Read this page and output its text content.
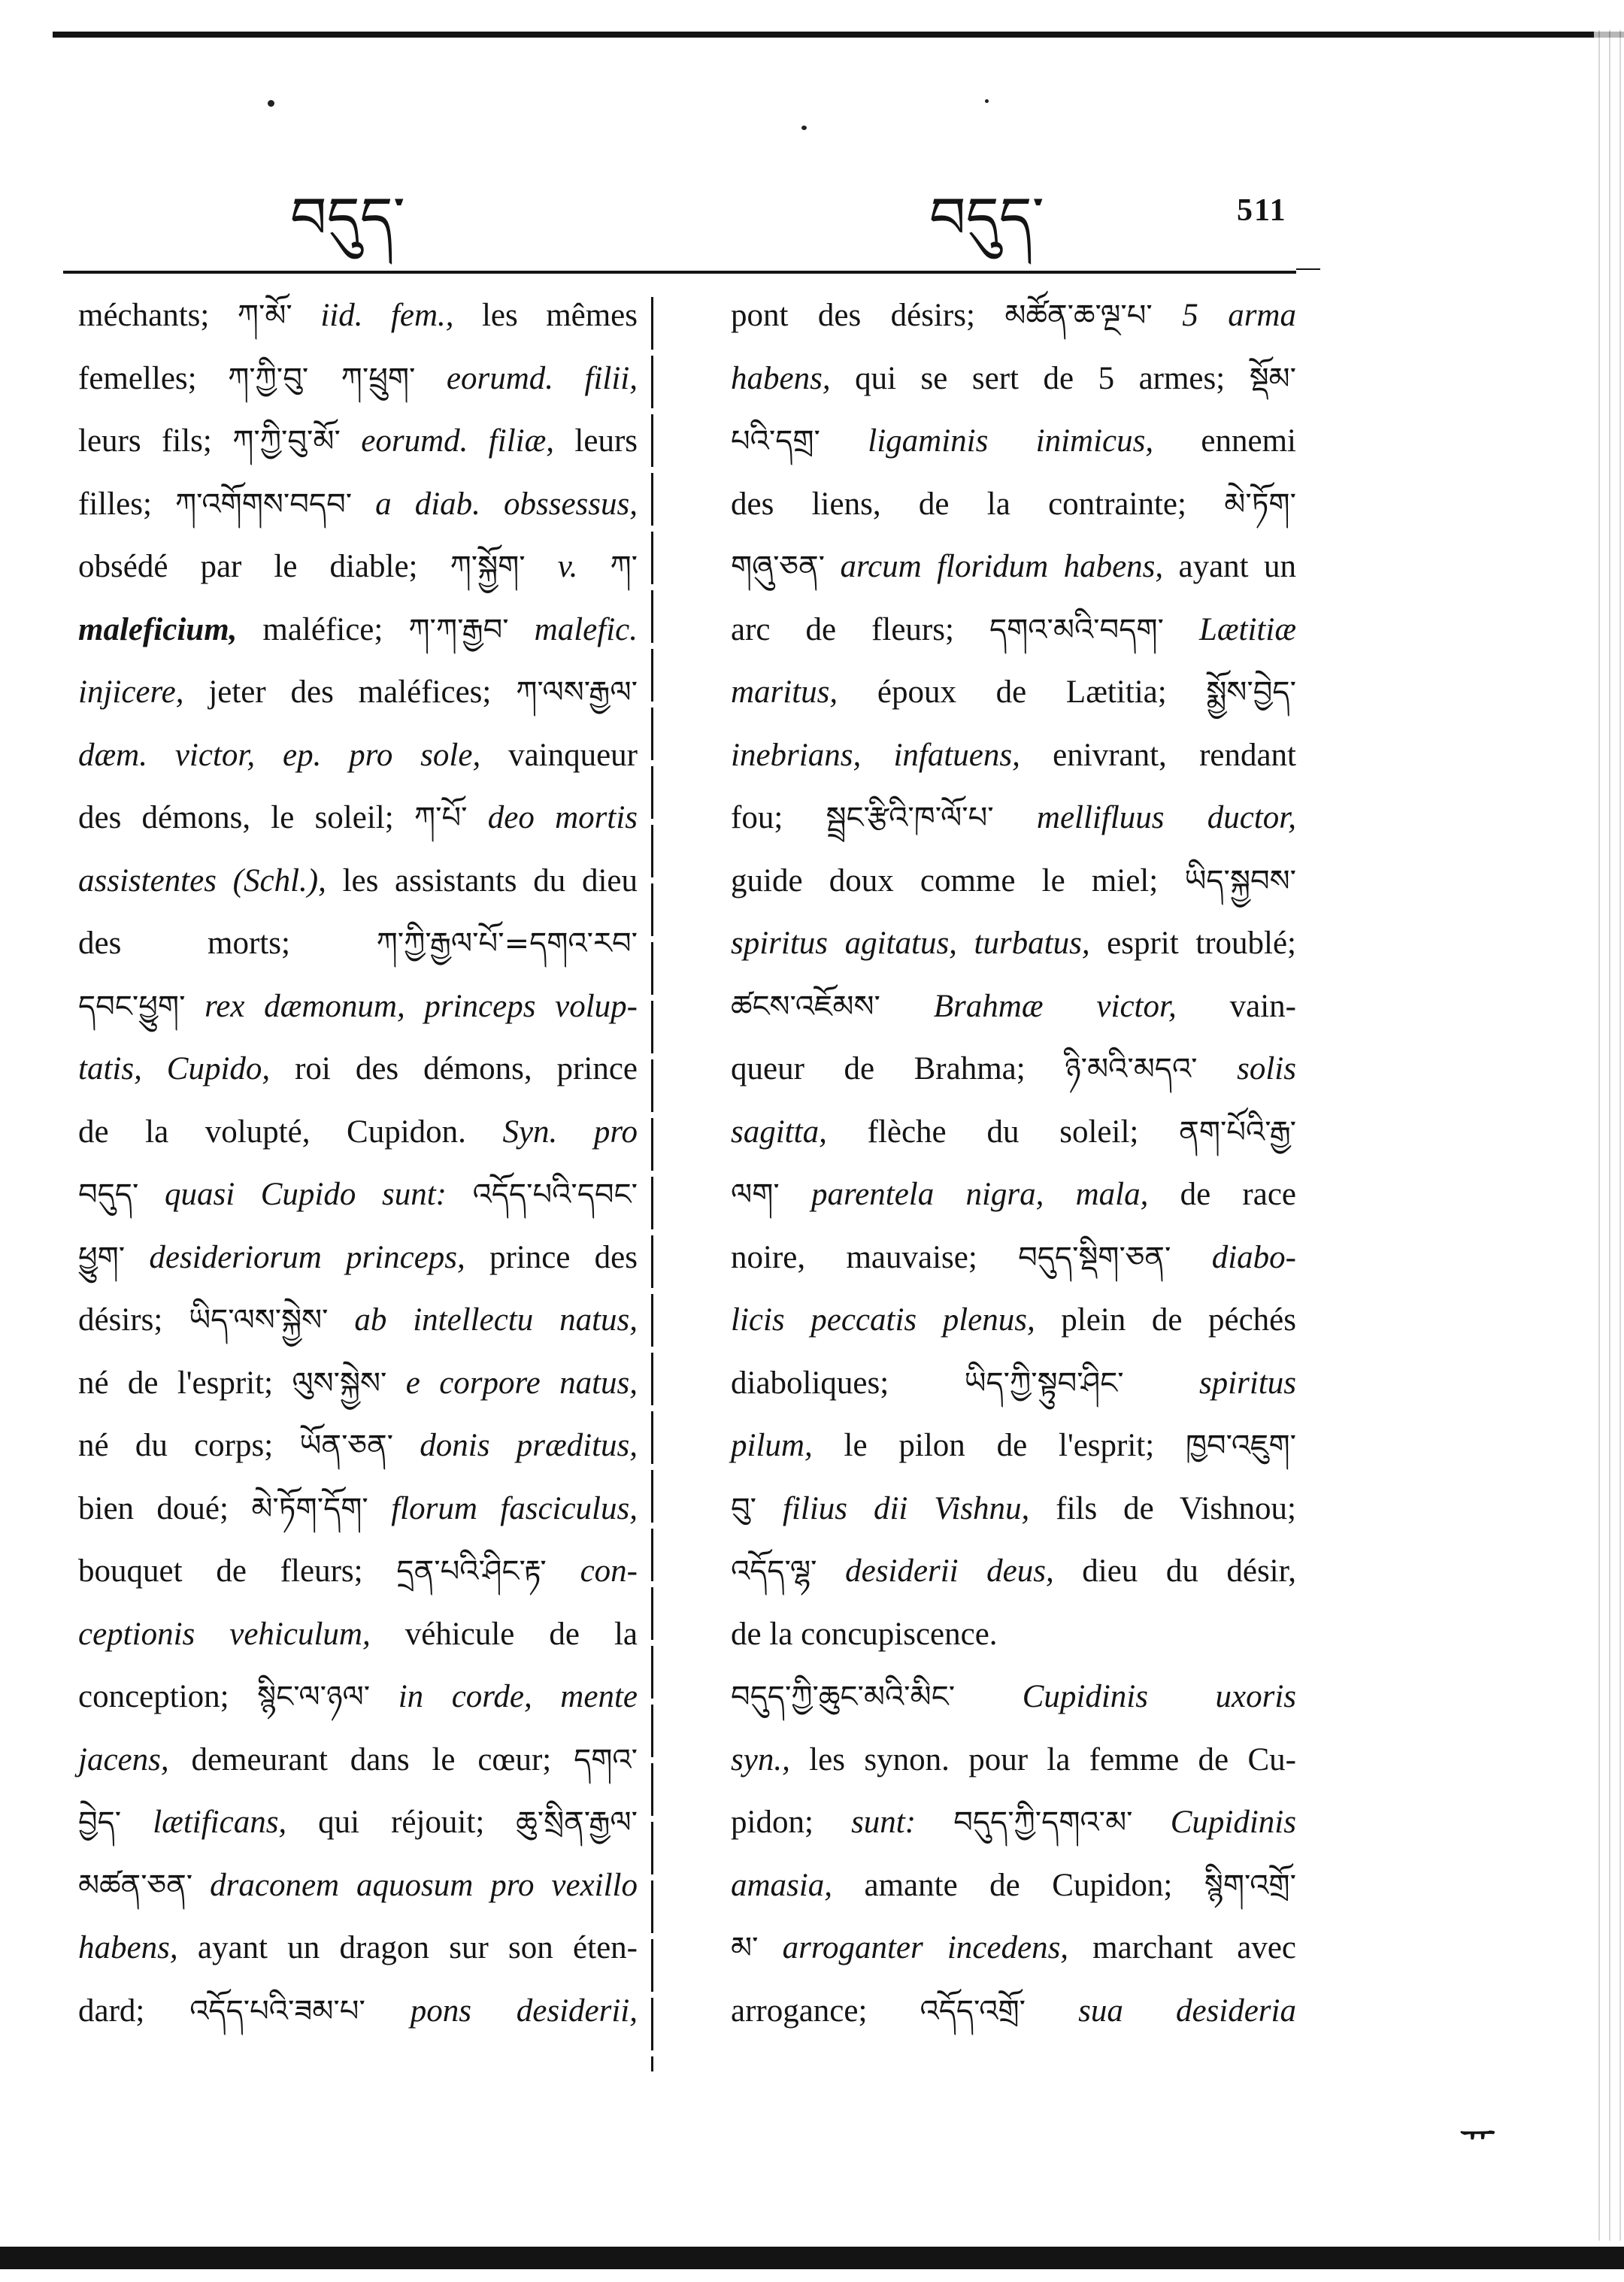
བདུད་	བདུད་	511
méchants; ཀ་མོ་ iid. fem., les mêmes
femelles; ཀ་ཀྱི་བུ་ ཀ་ཕྲུག་ eorumd. filii,
leurs fils; ཀ་ཀྱི་བུ་མོ་ eorumd. filiæ, leurs
filles; ཀ་འགོགས་བདབ་ a diab. obssessus,
obsédé par le diable; ཀ་སྐྱོག་ v. ཀ་
maleficium, maléfice; ཀ་ཀ་རྒྱབ་ malefic.
injicere, jeter des maléfices; ཀ་ལས་རྒྱལ་
dæm. victor, ep. pro sole, vainqueur
des démons, le soleil; ཀ་པོ་ deo mortis
assistentes (Schl.), les assistants du dieu
des morts; ཀ་ཀྱི་རྒྱལ་པོ་=དགའ་རབ་
དབང་ཕྱུག་ rex dæmonum, princeps volup-
tatis, Cupido, roi des démons, prince
de la volupté, Cupidon. Syn. pro
བདུད་ quasi Cupido sunt: འདོད་པའི་དབང་
ཕྱུག་ desideriorum princeps, prince des
désirs; ཡིད་ལས་སྐྱེས་ ab intellectu natus,
né de l'esprit; ལུས་སྐྱེས་ e corpore natus,
né du corps; ཡོན་ཅན་ donis præditus,
bien doué; མེ་ཏོག་དོག་ florum fasciculus,
bouquet de fleurs; དྲན་པའི་ཤིང་རྟ་ con-
ceptionis vehiculum, véhicule de la
conception; སྙིང་ལ་ཉལ་ in corde, mente
jacens, demeurant dans le cœur; དགའ་
བྱེད་ lætificans, qui réjouit; ཆུ་སྲིན་རྒྱལ་
མཚན་ཅན་ draconem aquosum pro vexillo
habens, ayant un dragon sur son éten-
dard; འདོད་པའི་ཟམ་པ་ pons desiderii,
pont des désirs; མཚོན་ཆ་ལྔ་པ་ 5 arma
habens, qui se sert de 5 armes; སྡོམ་
པའི་དགྲ་ ligaminis inimicus, ennemi
des liens, de la contrainte; མེ་ཏོག་
གཞུ་ཅན་ arcum floridum habens, ayant un
arc de fleurs; དགའ་མའི་བདག་ Lætitiæ
maritus, époux de Lætitia; སྨྱོས་བྱེད་
inebrians, infatuens, enivrant, rendant
fou; སྦྲང་རྩིའི་ཁ་ལོ་པ་ mellifluus ductor,
guide doux comme le miel; ཡིད་སྐྱབས་
spiritus agitatus, turbatus, esprit troublé;
ཚངས་འཇོམས་ Brahmæ victor, vain-
queur de Brahma; ཉི་མའི་མདའ་ solis
sagitta, flèche du soleil; ནག་པོའི་རྒྱ་
ལག་ parentela nigra, mala, de race
noire, mauvaise; བདུད་སྡིག་ཅན་ diabo-
licis peccatis plenus, plein de péchés
diaboliques; ཡིད་ཀྱི་སྟུབ་ཤིང་ spiritus
pilum, le pilon de l'esprit; ཁྱབ་འཇུག་
བུ་ filius dii Vishnu, fils de Vishnou;
འདོད་ལྷ་ desiderii deus, dieu du désir,
de la concupiscence.
བདུད་ཀྱི་ཆུང་མའི་མིང་ Cupidinis uxoris
syn., les synon. pour la femme de Cu-
pidon; sunt: བདུད་ཀྱི་དགའ་མ་ Cupidinis
amasia, amante de Cupidon; སྙིག་འགྲོ་
མ་ arroganter incedens, marchant avec
arrogance; འདོད་འགྲོ་ sua desideria
ᅲ
